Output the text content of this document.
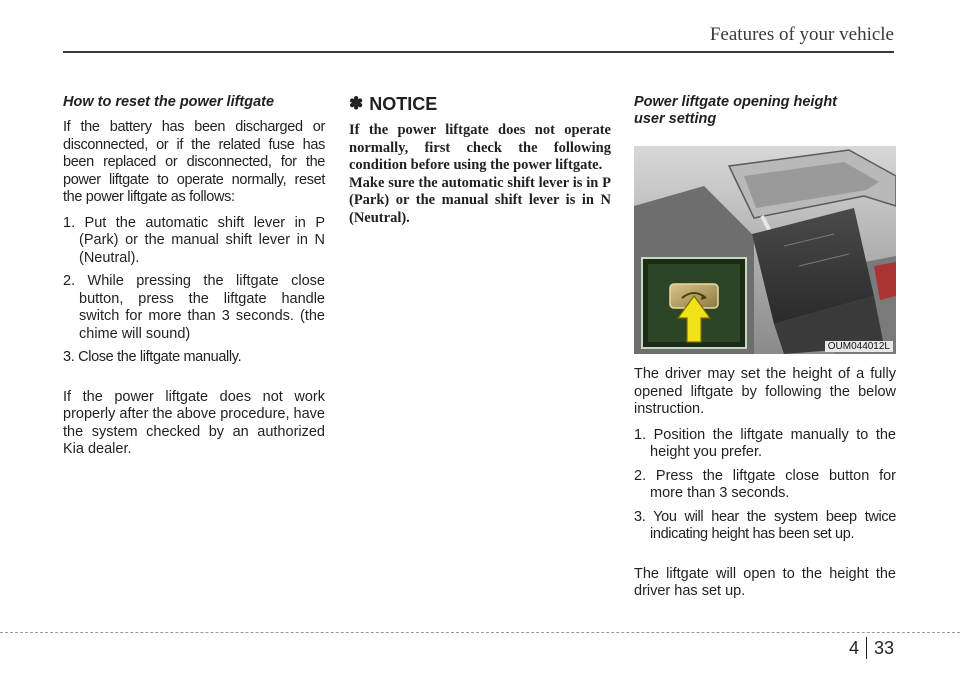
Features of your vehicle
How to reset the power liftgate

If the battery has been discharged or disconnected, or if the related fuse has been replaced or disconnected, for the power liftgate to operate normally, reset the power liftgate as follows:

1. Put the automatic shift lever in P (Park) or the manual shift lever in N (Neutral).
2. While pressing the liftgate close button, press the liftgate handle switch for more than 3 seconds. (the chime will sound)
3. Close the liftgate manually.

If the power liftgate does not work properly after the above procedure, have the system checked by an authorized Kia dealer.

✽ NOTICE

If the power liftgate does not operate normally, first check the following condition before using the power liftgate.

Make sure the automatic shift lever is in P (Park) or the manual shift lever is in N (Neutral).

Power liftgate opening height
user setting
OUM044012L

The driver may set the height of a fully opened liftgate by following the below instruction.

1. Position the liftgate manually to the height you prefer.
2. Press the liftgate close button for more than 3 seconds.
3. You will hear the system beep twice indicating height has been set up.

The liftgate will open to the height the driver has set up.

4 33
